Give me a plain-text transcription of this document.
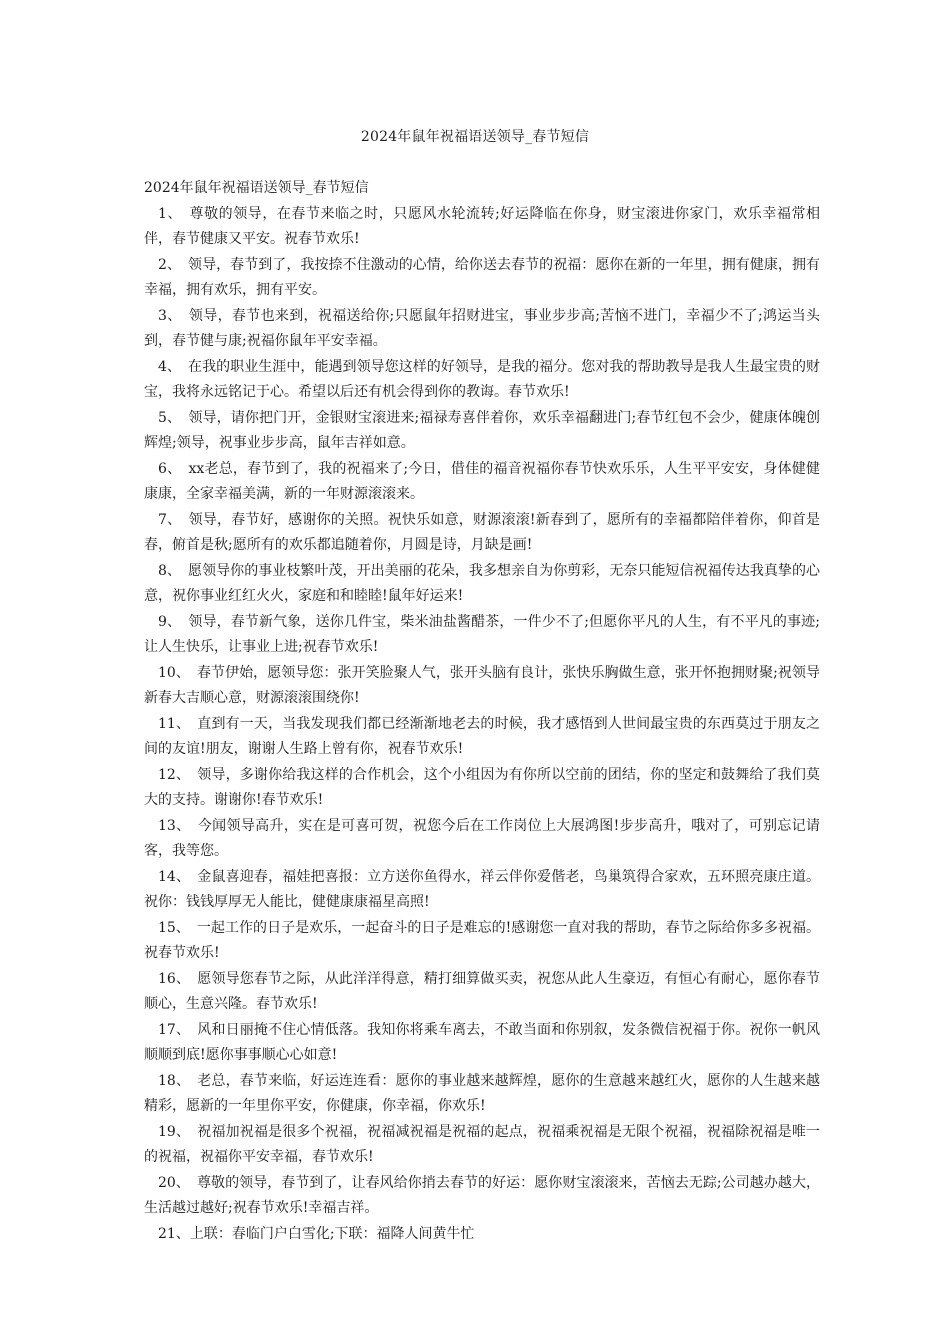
2024年鼠年祝福语送领导_春节短信

2024年鼠年祝福语送领导_春节短信

1、　尊敬的领导，在春节来临之时，只愿风水轮流转;好运降临在你身，财宝滚进你家门，欢乐幸福常相伴，春节健康又平安。祝春节欢乐!

2、　领导，春节到了，我按捺不住激动的心情，给你送去春节的祝福：愿你在新的一年里，拥有健康，拥有幸福，拥有欢乐，拥有平安。

3、　领导，春节也来到，祝福送给你;只愿鼠年招财进宝，事业步步高;苦恼不进门，幸福少不了;鸿运当头到，春节健与康;祝福你鼠年平安幸福。

4、　在我的职业生涯中，能遇到领导您这样的好领导，是我的福分。您对我的帮助教导是我人生最宝贵的财宝，我将永远铭记于心。希望以后还有机会得到你的教诲。春节欢乐!

5、　领导，请你把门开，金银财宝滚进来;福禄寿喜伴着你，欢乐幸福翻进门;春节红包不会少，健康体魄创辉煌;领导，祝事业步步高，鼠年吉祥如意。

6、　xx老总，春节到了，我的祝福来了;今日，借佳的福音祝福你春节快欢乐乐，人生平平安安，身体健健康康，全家幸福美满，新的一年财源滚滚来。

7、　领导，春节好，感谢你的关照。祝快乐如意，财源滚滚!新春到了，愿所有的幸福都陪伴着你，仰首是春，俯首是秋;愿所有的欢乐都追随着你，月圆是诗，月缺是画!

8、　愿领导你的事业枝繁叶茂，开出美丽的花朵，我多想亲自为你剪彩，无奈只能短信祝福传达我真挚的心意，祝你事业红红火火，家庭和和睦睦!鼠年好运来!

9、　领导，春节新气象，送你几件宝，柴米油盐酱醋茶，一件少不了;但愿你平凡的人生，有不平凡的事迹;让人生快乐，让事业上进;祝春节欢乐!

10、　春节伊始，愿领导您：张开笑脸聚人气，张开头脑有良计，张快乐胸做生意，张开怀抱拥财聚;祝领导新春大吉顺心意，财源滚滚围绕你!

11、　直到有一天，当我发现我们都已经渐渐地老去的时候，我才感悟到人世间最宝贵的东西莫过于朋友之间的友谊!朋友，谢谢人生路上曾有你，祝春节欢乐!

12、　领导，多谢你给我这样的合作机会，这个小组因为有你所以空前的团结，你的坚定和鼓舞给了我们莫大的支持。谢谢你!春节欢乐!

13、　今闻领导高升，实在是可喜可贺，祝您今后在工作岗位上大展鸿图!步步高升，哦对了，可别忘记请客，我等您。

14、　金鼠喜迎春，福娃把喜报：立方送你鱼得水，祥云伴你爱偕老，鸟巢筑得合家欢，五环照亮康庄道。祝你：钱钱厚厚无人能比，健健康康福星高照!

15、　一起工作的日子是欢乐，一起奋斗的日子是难忘的!感谢您一直对我的帮助，春节之际给你多多祝福。祝春节欢乐!

16、　愿领导您春节之际，从此洋洋得意，精打细算做买卖，祝您从此人生豪迈，有恒心有耐心，愿你春节顺心，生意兴隆。春节欢乐!

17、　风和日丽掩不住心情低落。我知你将乘车离去，不敢当面和你别叙，发条微信祝福于你。祝你一帆风顺顺到底!愿你事事顺心心如意!

18、　老总，春节来临，好运连连看：愿你的事业越来越辉煌，愿你的生意越来越红火，愿你的人生越来越精彩，愿新的一年里你平安，你健康，你幸福，你欢乐!

19、　祝福加祝福是很多个祝福，祝福减祝福是祝福的起点，祝福乘祝福是无限个祝福，祝福除祝福是唯一的祝福，祝福你平安幸福，春节欢乐!

20、　尊敬的领导，春节到了，让春风给你捎去春节的好运：愿你财宝滚滚来，苦恼去无踪;公司越办越大，生活越过越好;祝春节欢乐!幸福吉祥。

21、上联：春临门户白雪化;下联：福降人间黄牛忙
